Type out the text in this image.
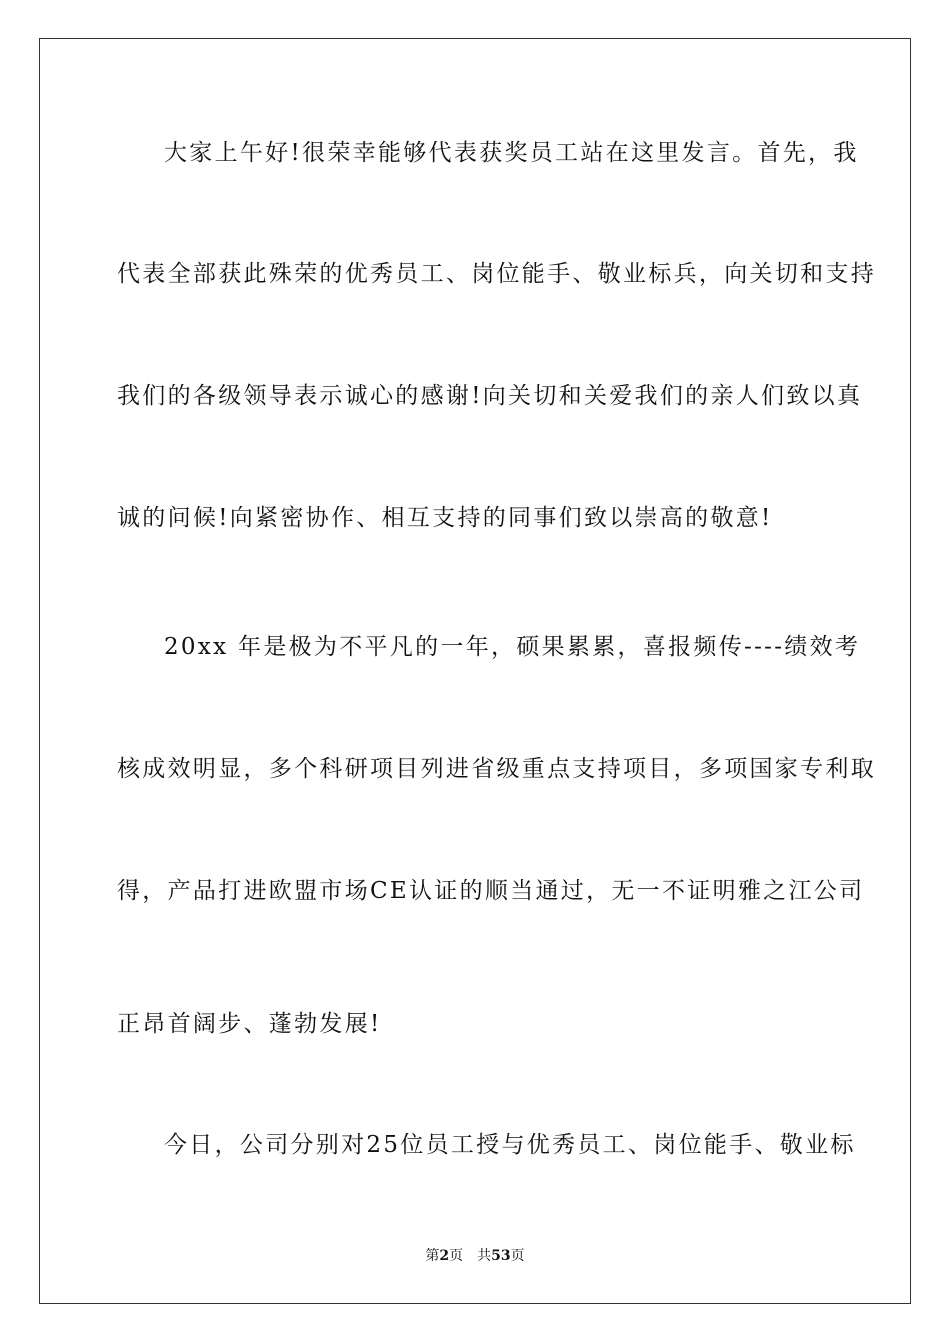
大家上午好!很荣幸能够代表获奖员工站在这里发言。首先，我
代表全部获此殊荣的优秀员工、岗位能手、敬业标兵，向关切和支持
我们的各级领导表示诚心的感谢!向关切和关爱我们的亲人们致以真
诚的问候!向紧密协作、相互支持的同事们致以崇高的敬意!
20xx 年是极为不平凡的一年，硕果累累，喜报频传----绩效考
核成效明显，多个科研项目列进省级重点支持项目，多项国家专利取
得，产品打进欧盟市场CE认证的顺当通过，无一不证明雅之江公司
正昂首阔步、蓬勃发展!
今日，公司分别对25位员工授与优秀员工、岗位能手、敬业标
第2页 共53页
